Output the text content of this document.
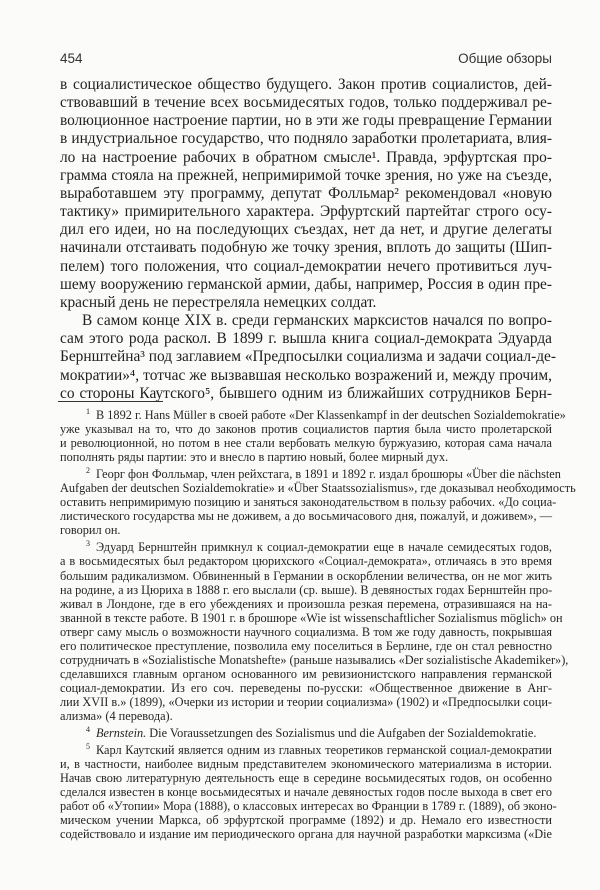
454	Общие обзоры
в социалистическое общество будущего. Закон против социалистов, дей-
ствовавший в течение всех восьмидесятых годов, только поддерживал ре-
волюционное настроение партии, но в эти же годы превращение Германии
в индустриальное государство, что подняло заработки пролетариата, влия-
ло на настроение рабочих в обратном смысле¹. Правда, эрфуртская про-
грамма стояла на прежней, непримиримой точке зрения, но уже на съезде,
выработавшем эту программу, депутат Фолльмар² рекомендовал «новую
тактику» примирительного характера. Эрфуртский партейтаг строго осу-
дил его идеи, но на последующих съездах, нет да нет, и другие делегаты
начинали отстаивать подобную же точку зрения, вплоть до защиты (Шип-
пелем) того положения, что социал-демократии нечего противиться луч-
шему вооружению германской армии, дабы, например, Россия в один пре-
красный день не перестреляла немецких солдат.
В самом конце XIX в. среди германских марксистов начался по вопро-
сам этого рода раскол. В 1899 г. вышла книга социал-демократа Эдуарда
Бернштейна³ под заглавием «Предпосылки социализма и задачи социал-де-
мократии»⁴, тотчас же вызвавшая несколько возражений и, между прочим,
со стороны Каутского⁵, бывшего одним из ближайших сотрудников Берн-
$^1$ В 1892 г. Hans Müller в своей работе «Der Klassenkampf in der deutschen Sozialdemokratie»
уже указывал на то, что до законов против социалистов партия была чисто пролетарской
и революционной, но потом в нее стали вербовать мелкую буржуазию, которая сама начала
пополнять ряды партии: это и внесло в партию новый, более мирный дух.
$^2$ Георг фон Фолльмар, член рейхстага, в 1891 и 1892 г. издал брошюры «Über die nächsten
Aufgaben der deutschen Sozialdemokratie» и «Über Staatssozialismus», где доказывал необходимость
оставить непримиримую позицию и заняться законодательством в пользу рабочих. «До социа-
листического государства мы не доживем, а до восьмичасового дня, пожалуй, и доживем», —
говорил он.
$^3$ Эдуард Бернштейн примкнул к социал-демократии еще в начале семидесятых годов,
а в восьмидесятых был редактором цюрихского «Социал-демократа», отличаясь в это время
большим радикализмом. Обвиненный в Германии в оскорблении величества, он не мог жить
на родине, а из Цюриха в 1888 г. его выслали (ср. выше). В девяностых годах Бернштейн про-
живал в Лондоне, где в его убеждениях и произошла резкая перемена, отразившаяся на на-
званной в тексте работе. В 1901 г. в брошюре «Wie ist wissenschaftlicher Sozialismus möglich» он
отверг саму мысль о возможности научного социализма. В том же году давность, покрывшая
его политическое преступление, позволила ему поселиться в Берлине, где он стал ревностно
сотрудничать в «Sozialistische Monatshefte» (раньше назывались «Der sozialistische Akademiker»),
сделавшихся главным органом основанного им ревизионистского направления германской
социал-демократии. Из его соч. переведены по-русски: «Общественное движение в Анг-
лии XVII в.» (1899), «Очерки из истории и теории социализма» (1902) и «Предпосылки соци-
ализма» (4 перевода).
$^4$ Bernstein. Die Voraussetzungen des Sozialismus und die Aufgaben der Sozialdemokratie.
$^5$ Карл Каутский является одним из главных теоретиков германской социал-демократии
и, в частности, наиболее видным представителем экономического материализма в истории.
Начав свою литературную деятельность еще в середине восьмидесятых годов, он особенно
сделался известен в конце восьмидесятых и начале девяностых годов после выхода в свет его
работ об «Утопии» Мора (1888), о классовых интересах во Франции в 1789 г. (1889), об эконо-
мическом учении Маркса, об эрфуртской программе (1892) и др. Немало его известности
содействовало и издание им периодического органа для научной разработки марксизма («Die
